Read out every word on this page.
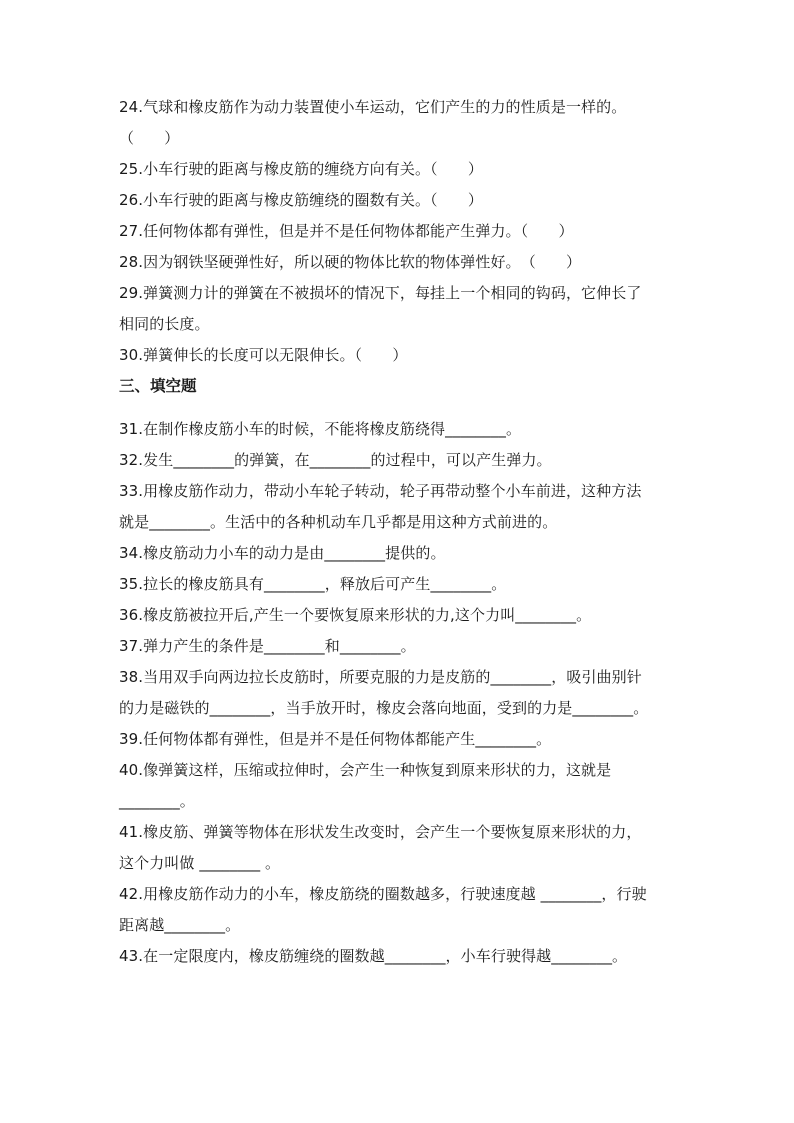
24.气球和橡皮筋作为动力装置使小车运动，它们产生的力的性质是一样的。
（　　）
25.小车行驶的距离与橡皮筋的缠绕方向有关。（　　）
26.小车行驶的距离与橡皮筋缠绕的圈数有关。（　　）
27.任何物体都有弹性，但是并不是任何物体都能产生弹力。（　　）
28.因为钢铁坚硬弹性好，所以硬的物体比软的物体弹性好。　（　　）
29.弹簧测力计的弹簧在不被损坏的情况下，每挂上一个相同的钩码，它伸长了
相同的长度。
30.弹簧伸长的长度可以无限伸长。（　　）
三、填空题
31.在制作橡皮筋小车的时候，不能将橡皮筋绕得________。
32.发生________的弹簧，在________的过程中，可以产生弹力。
33.用橡皮筋作动力，带动小车轮子转动，轮子再带动整个小车前进，这种方法
就是________。生活中的各种机动车几乎都是用这种方式前进的。
34.橡皮筋动力小车的动力是由________提供的。
35.拉长的橡皮筋具有________，释放后可产生________。
36.橡皮筋被拉开后,产生一个要恢复原来形状的力,这个力叫________。
37.弹力产生的条件是________和________。
38.当用双手向两边拉长皮筋时，所要克服的力是皮筋的________，吸引曲别针
的力是磁铁的________，当手放开时，橡皮会落向地面，受到的力是________。
39.任何物体都有弹性，但是并不是任何物体都能产生________。
40.像弹簧这样，压缩或拉伸时，会产生一种恢复到原来形状的力，这就是
________。
41.橡皮筋、弹簧等物体在形状发生改变时，会产生一个要恢复原来形状的力，
这个力叫做 ________ 。
42.用橡皮筋作动力的小车，橡皮筋绕的圈数越多，行驶速度越 ________，行驶
距离越________。
43.在一定限度内，橡皮筋缠绕的圈数越________，小车行驶得越________。
